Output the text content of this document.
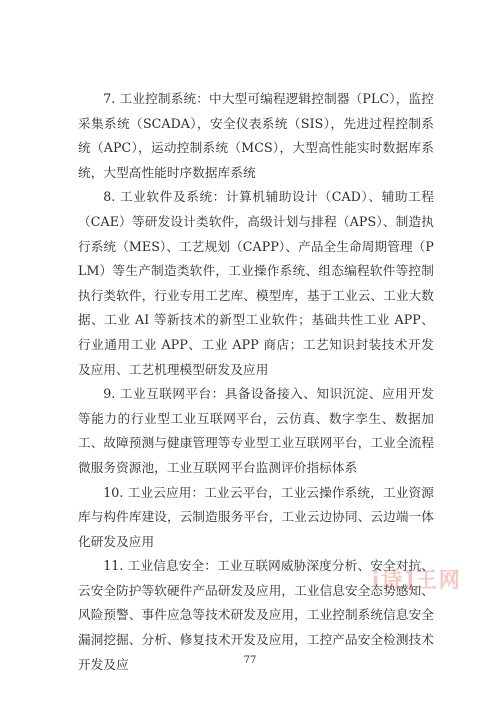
7. 工业控制系统：中大型可编程逻辑控制器（PLC），监控采集系统（SCADA），安全仪表系统（SIS），先进过程控制系统（APC），运动控制系统（MCS），大型高性能实时数据库系统，大型高性能时序数据库系统

8. 工业软件及系统：计算机辅助设计（CAD）、辅助工程（CAE）等研发设计类软件，高级计划与排程（APS）、制造执行系统（MES）、工艺规划（CAPP）、产品全生命周期管理（PLM）等生产制造类软件，工业操作系统、组态编程软件等控制执行类软件，行业专用工艺库、模型库，基于工业云、工业大数据、工业 AI 等新技术的新型工业软件；基础共性工业 APP、行业通用工业 APP、工业 APP 商店；工艺知识封装技术开发及应用、工艺机理模型研发及应用

9. 工业互联网平台：具备设备接入、知识沉淀、应用开发等能力的行业型工业互联网平台，云仿真、数字孪生、数据加工、故障预测与健康管理等专业型工业互联网平台，工业全流程微服务资源池，工业互联网平台监测评价指标体系

10. 工业云应用：工业云平台，工业云操作系统，工业资源库与构件库建设，云制造服务平台，工业云边协同、云边端一体化研发及应用

11. 工业信息安全：工业互联网威胁深度分析、安全对抗、云安全防护等软硬件产品研发及应用，工业信息安全态势感知、风险预警、事件应急等技术研发及应用，工业控制系统信息安全漏洞挖掘、分析、修复技术开发及应用，工控产品安全检测技术开发及应

i诗]王网
77
